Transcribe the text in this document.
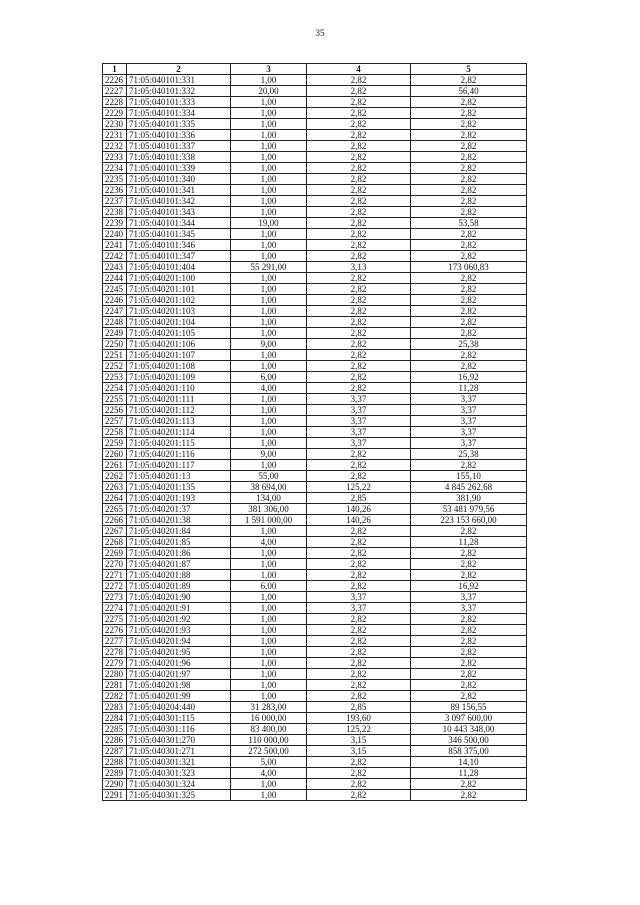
35
1	2	3	4	5
2226	71:05:040101:331	1,00	2,82	2,82
2227	71:05:040101:332	20,00	2,82	56,40
2228	71:05:040101:333	1,00	2,82	2,82
2229	71:05:040101:334	1,00	2,82	2,82
2230	71:05:040101:335	1,00	2,82	2,82
2231	71:05:040101:336	1,00	2,82	2,82
2232	71:05:040101:337	1,00	2,82	2,82
2233	71:05:040101:338	1,00	2,82	2,82
2234	71:05:040101:339	1,00	2,82	2,82
2235	71:05:040101:340	1,00	2,82	2,82
2236	71:05:040101:341	1,00	2,82	2,82
2237	71:05:040101:342	1,00	2,82	2,82
2238	71:05:040101:343	1,00	2,82	2,82
2239	71:05:040101:344	19,00	2,82	53,58
2240	71:05:040101:345	1,00	2,82	2,82
2241	71:05:040101:346	1,00	2,82	2,82
2242	71:05:040101:347	1,00	2,82	2,82
2243	71:05:040101:404	55 291,00	3,13	173 060,83
2244	71:05:040201:100	1,00	2,82	2,82
2245	71:05:040201:101	1,00	2,82	2,82
2246	71:05:040201:102	1,00	2,82	2,82
2247	71:05:040201:103	1,00	2,82	2,82
2248	71:05:040201:104	1,00	2,82	2,82
2249	71:05:040201:105	1,00	2,82	2,82
2250	71:05:040201:106	9,00	2,82	25,38
2251	71:05:040201:107	1,00	2,82	2,82
2252	71:05:040201:108	1,00	2,82	2,82
2253	71:05:040201:109	6,00	2,82	16,92
2254	71:05:040201:110	4,00	2,82	11,28
2255	71:05:040201:111	1,00	3,37	3,37
2256	71:05:040201:112	1,00	3,37	3,37
2257	71:05:040201:113	1,00	3,37	3,37
2258	71:05:040201:114	1,00	3,37	3,37
2259	71:05:040201:115	1,00	3,37	3,37
2260	71:05:040201:116	9,00	2,82	25,38
2261	71:05:040201:117	1,00	2,82	2,82
2262	71:05:040201:13	55,00	2,82	155,10
2263	71:05:040201:135	38 694,00	125,22	4 845 262,68
2264	71:05:040201:193	134,00	2,85	381,90
2265	71:05:040201:37	381 306,00	140,26	53 481 979,56
2266	71:05:040201:38	1 591 000,00	140,26	223 153 660,00
2267	71:05:040201:84	1,00	2,82	2,82
2268	71:05:040201:85	4,00	2,82	11,28
2269	71:05:040201:86	1,00	2,82	2,82
2270	71:05:040201:87	1,00	2,82	2,82
2271	71:05:040201:88	1,00	2,82	2,82
2272	71:05:040201:89	6,00	2,82	16,92
2273	71:05:040201:90	1,00	3,37	3,37
2274	71:05:040201:91	1,00	3,37	3,37
2275	71:05:040201:92	1,00	2,82	2,82
2276	71:05:040201:93	1,00	2,82	2,82
2277	71:05:040201:94	1,00	2,82	2,82
2278	71:05:040201:95	1,00	2,82	2,82
2279	71:05:040201:96	1,00	2,82	2,82
2280	71:05:040201:97	1,00	2,82	2,82
2281	71:05:040201:98	1,00	2,82	2,82
2282	71:05:040201:99	1,00	2,82	2,82
2283	71:05:040204:440	31 283,00	2,85	89 156,55
2284	71:05:040301:115	16 000,00	193,60	3 097 600,00
2285	71:05:040301:116	83 400,00	125,22	10 443 348,00
2286	71:05:040301:270	110 000,00	3,15	346 500,00
2287	71:05:040301:271	272 500,00	3,15	858 375,00
2288	71:05:040301:321	5,00	2,82	14,10
2289	71:05:040301:323	4,00	2,82	11,28
2290	71:05:040301:324	1,00	2,82	2,82
2291	71:05:040301:325	1,00	2,82	2,82
